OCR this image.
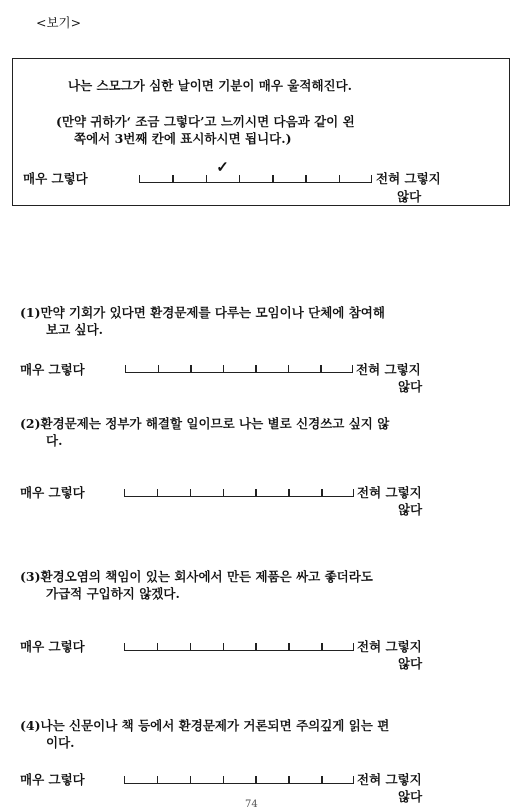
<보기>
나는 스모그가 심한 날이면 기분이 매우 울적해진다.
(만약 귀하가‘ 조금 그렇다’고 느끼시면 다음과 같이 왼
쪽에서 3번째 칸에 표시하시면 됩니다.)
매우 그렇다
✓
전혀 그렇지
않다
(1)만약 기회가 있다면 환경문제를 다루는 모임이나 단체에 참여해
보고 싶다.
매우 그렇다	전혀 그렇지
않다
(2)환경문제는 정부가 해결할 일이므로 나는 별로 신경쓰고 싶지 않
다.
매우 그렇다	전혀 그렇지
않다
(3)환경오염의 책임이 있는 회사에서 만든 제품은 싸고 좋더라도
가급적 구입하지 않겠다.
매우 그렇다	전혀 그렇지
않다
(4)나는 신문이나 책 등에서 환경문제가 거론되면 주의깊게 읽는 편
이다.
매우 그렇다	전혀 그렇지
않다
74
